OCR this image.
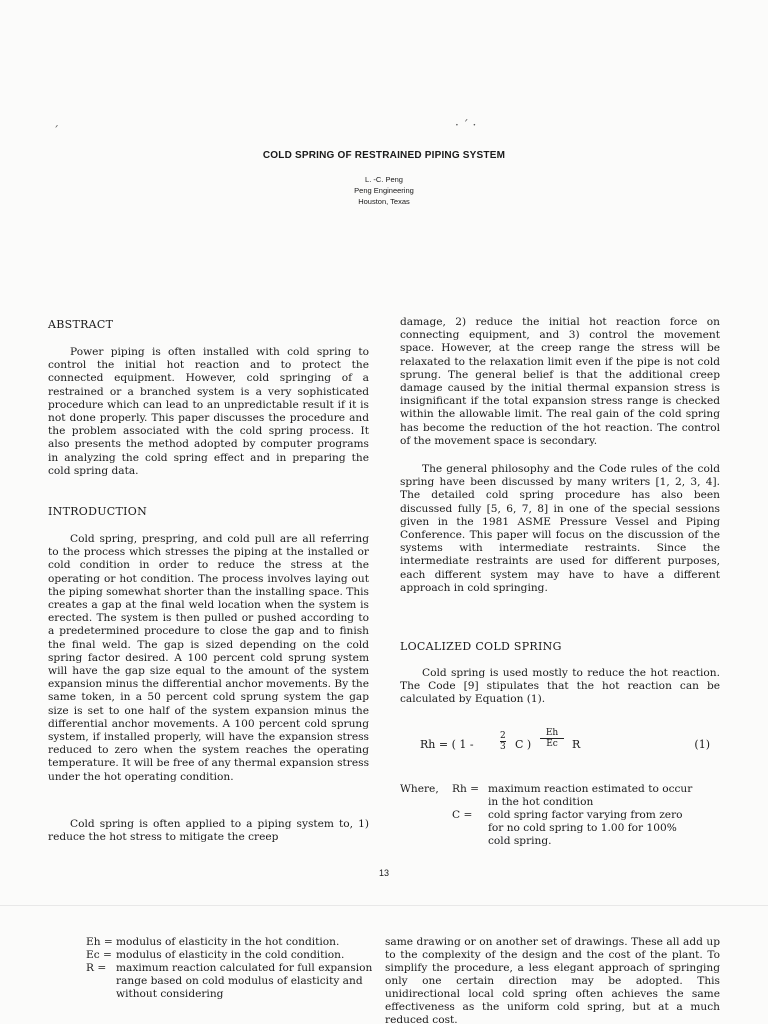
ˊ	· ˊ ·
COLD SPRING OF RESTRAINED PIPING SYSTEM
L. -C. Peng
Peng Engineering
Houston, Texas
ABSTRACT

Power piping is often installed with cold spring to control the initial hot reaction and to protect the connected equipment. However, cold springing of a restrained or a branched system is a very sophisticated procedure which can lead to an unpredictable result if it is not done properly. This paper discusses the procedure and the problem associated with the cold spring process. It also presents the method adopted by computer programs in analyzing the cold spring effect and in preparing the cold spring data.

INTRODUCTION

Cold spring, prespring, and cold pull are all referring to the process which stresses the piping at the installed or cold condition in order to reduce the stress at the operating or hot condition. The process involves laying out the piping somewhat shorter than the installing space. This creates a gap at the final weld location when the system is erected. The system is then pulled or pushed according to a predetermined procedure to close the gap and to finish the final weld. The gap is sized depending on the cold spring factor desired. A 100 percent cold sprung system will have the gap size equal to the amount of the system expansion minus the differential anchor movements. By the same token, in a 50 percent cold sprung system the gap size is set to one half of the system expansion minus the differential anchor movements. A 100 percent cold sprung system, if installed properly, will have the expansion stress reduced to zero when the system reaches the operating temperature. It will be free of any thermal expansion stress under the hot operating condition.

Cold spring is often applied to a piping system to, 1) reduce the hot stress to mitigate the creep

damage, 2) reduce the initial hot reaction force on connecting equipment, and 3) control the movement space. However, at the creep range the stress will be relaxated to the relaxation limit even if the pipe is not cold sprung. The general belief is that the additional creep damage caused by the initial thermal expansion stress is insignificant if the total expansion stress range is checked within the allowable limit. The real gain of the cold spring has become the reduction of the hot reaction. The control of the movement space is secondary.

The general philosophy and the Code rules of the cold spring have been discussed by many writers [1, 2, 3, 4]. The detailed cold spring procedure has also been discussed fully [5, 6, 7, 8] in one of the special sessions given in the 1981 ASME Pressure Vessel and Piping Conference. This paper will focus on the discussion of the systems with intermediate restraints. Since the intermediate restraints are used for different purposes, each different system may have to have a different approach in cold springing.

LOCALIZED COLD SPRING

Cold spring is used mostly to reduce the hot reaction. The Code [9] stipulates that the hot reaction can be calculated by Equation (1).

Rh = ( 1 -
2
3 C )
Eh
Ec	R	(1)
Where, Rh = maximum reaction estimated to occur
in the hot condition
C = cold spring factor varying from zero
for no cold spring to 1.00 for 100%
cold spring.
13
Eh = modulus of elasticity in the hot condition.
Ec = modulus of elasticity in the cold condition.
R = maximum reaction calculated for full expansion range based on cold modulus of elasticity and without considering

same drawing or on another set of drawings. These all add up to the complexity of the design and the cost of the plant. To simplify the procedure, a less elegant approach of springing only one certain direction may be adopted. This unidirectional local cold spring often achieves the same effectiveness as the uniform cold spring, but at a much reduced cost.
